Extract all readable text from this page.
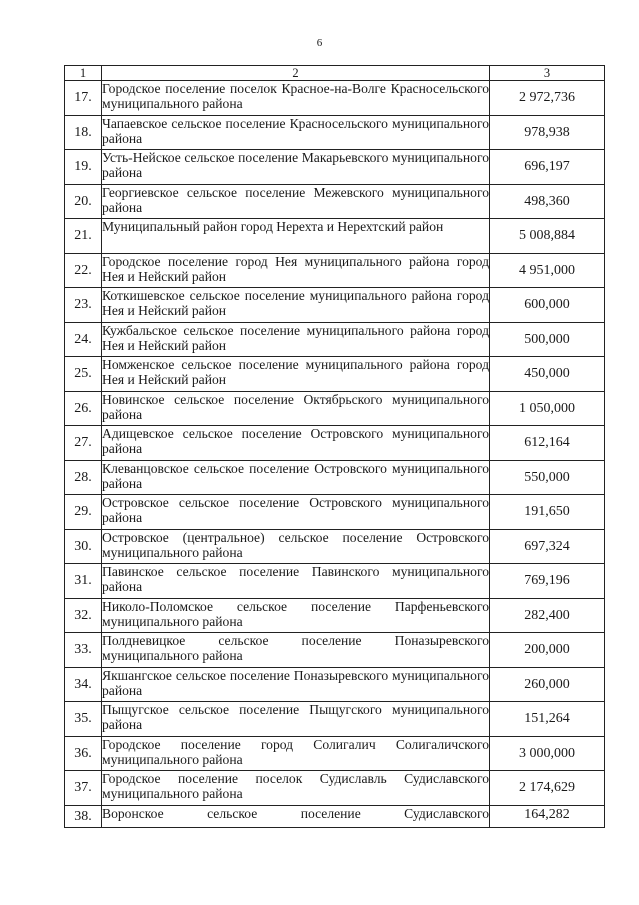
6
1	2	3
17.	Городское поселение поселок Красное-на-Волге Красносельского муниципального района	2 972,736
18.	Чапаевское сельское поселение Красносельского муниципального района	978,938
19.	Усть-Нейское сельское поселение Макарьевского муниципального района	696,197
20.	Георгиевское сельское поселение Межевского муниципального района	498,360
21.	Муниципальный район город Нерехта и Нерехтский район	5 008,884
22.	Городское поселение город Нея муниципального района город Нея и Нейский район	4 951,000
23.	Коткишевское сельское поселение муниципального района город Нея и Нейский район	600,000
24.	Кужбальское сельское поселение муниципального района город Нея и Нейский район	500,000
25.	Номженское сельское поселение муниципального района город Нея и Нейский район	450,000
26.	Новинское сельское поселение Октябрьского муниципального района	1 050,000
27.	Адищевское сельское поселение Островского муниципального района	612,164
28.	Клеванцовское сельское поселение Островского муниципального района	550,000
29.	Островское сельское поселение Островского муниципального района	191,650
30.	Островское (центральное) сельское поселение Островского муниципального района	697,324
31.	Павинское сельское поселение Павинского муниципального района	769,196
32.	Николо-Поломское сельское поселение Парфеньевского муниципального района	282,400
33.	Полдневицкое сельское поселение Поназыревского муниципального района	200,000
34.	Якшангское сельское поселение Поназыревского муниципального района	260,000
35.	Пыщугское сельское поселение Пыщугского муниципального района	151,264
36.	Городское поселение город Солигалич Солигаличского муниципального района	3 000,000
37.	Городское поселение поселок Судиславль Судиславского муниципального района	2 174,629
38.	Воронское сельское поселение Судиславского	164,282
